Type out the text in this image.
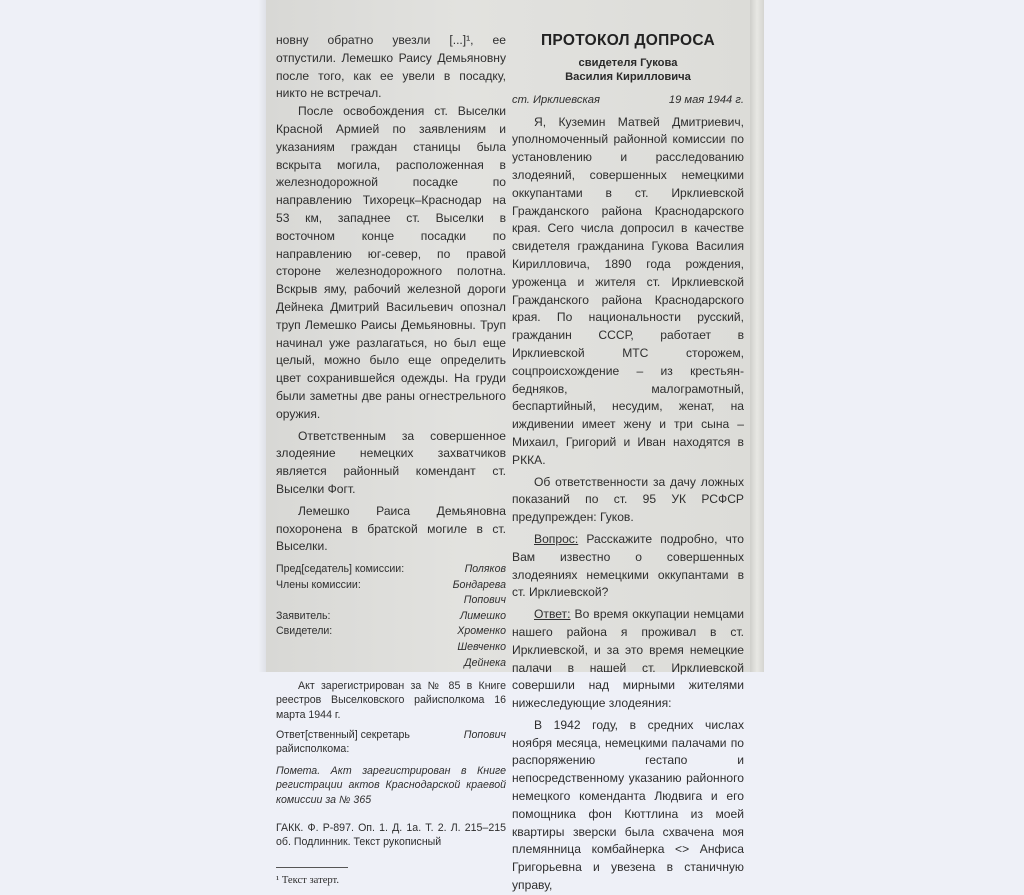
новну обратно увезли [...]¹, ее отпустили. Лемешко Раису Демьяновну после того, как ее увели в посадку, никто не встречал.

После освобождения ст. Выселки Красной Армией по заявлениям и указаниям граждан станицы была вскрыта могила, расположенная в железнодорожной посадке по направлению Тихорецк–Краснодар на 53 км, западнее ст. Выселки в восточном конце посадки по направлению юг-север, по правой стороне железнодорожного полотна. Вскрыв яму, рабочий железной дороги Дейнека Дмитрий Васильевич опознал труп Лемешко Раисы Демьяновны. Труп начинал уже разлагаться, но был еще целый, можно было еще определить цвет сохранившейся одежды. На груди были заметны две раны огнестрельного оружия.

Ответственным за совершенное злодеяние немецких захватчиков является районный комендант ст. Выселки Фогт.

Лемешко Раиса Демьяновна похоронена в братской могиле в ст. Выселки.

Пред[седатель] комиссии:	Поляков
Члены комиссии:	Бондарева
Попович
Заявитель:	Лимешко
Свидетели:	Хроменко
Шевченко
Дейнека

Акт зарегистрирован за № 85 в Книге реестров Выселковского райисполкома 16 марта 1944 г.

Ответ[ственный] секретарь райисполкома:
Попович

Помета. Акт зарегистрирован в Книге регистрации актов Краснодарской краевой комиссии за № 365

ГАКК. Ф. Р-897. Оп. 1. Д. 1а. Т. 2. Л. 215–215 об. Подлинник. Текст рукописный

¹ Текст затерт.

ПРОТОКОЛ ДОПРОСА
свидетеля Гукова
Василия Кирилловича
ст. Ирклиевская	19 мая 1944 г.

Я, Куземин Матвей Дмитриевич, уполномоченный районной комиссии по установлению и расследованию злодеяний, совершенных немецкими оккупантами в ст. Ирклиевской Гражданского района Краснодарского края. Сего числа допросил в качестве свидетеля гражданина Гукова Василия Кирилловича, 1890 года рождения, уроженца и жителя ст. Ирклиевской Гражданского района Краснодарского края. По национальности русский, гражданин СССР, работает в Ирклиевской МТС сторожем, соцпроисхождение – из крестьян-бедняков, малограмотный, беспартийный, несудим, женат, на иждивении имеет жену и три сына – Михаил, Григорий и Иван находятся в РККА.

Об ответственности за дачу ложных показаний по ст. 95 УК РСФСР предупрежден: Гуков.

Вопрос: Расскажите подробно, что Вам известно о совершенных злодеяниях немецкими оккупантами в ст. Ирклиевской?

Ответ: Во время оккупации немцами нашего района я проживал в ст. Ирклиевской, и за это время немецкие палачи в нашей ст. Ирклиевской совершили над мирными жителями нижеследующие злодеяния:

В 1942 году, в средних числах ноября месяца, немецкими палачами по распоряжению гестапо и непосредственному указанию районного немецкого коменданта Людвига и его помощника фон Кюттлина из моей квартиры зверски была схвачена моя племянница комбайнерка <> Анфиса Григорьевна и увезена в станичную управу,
